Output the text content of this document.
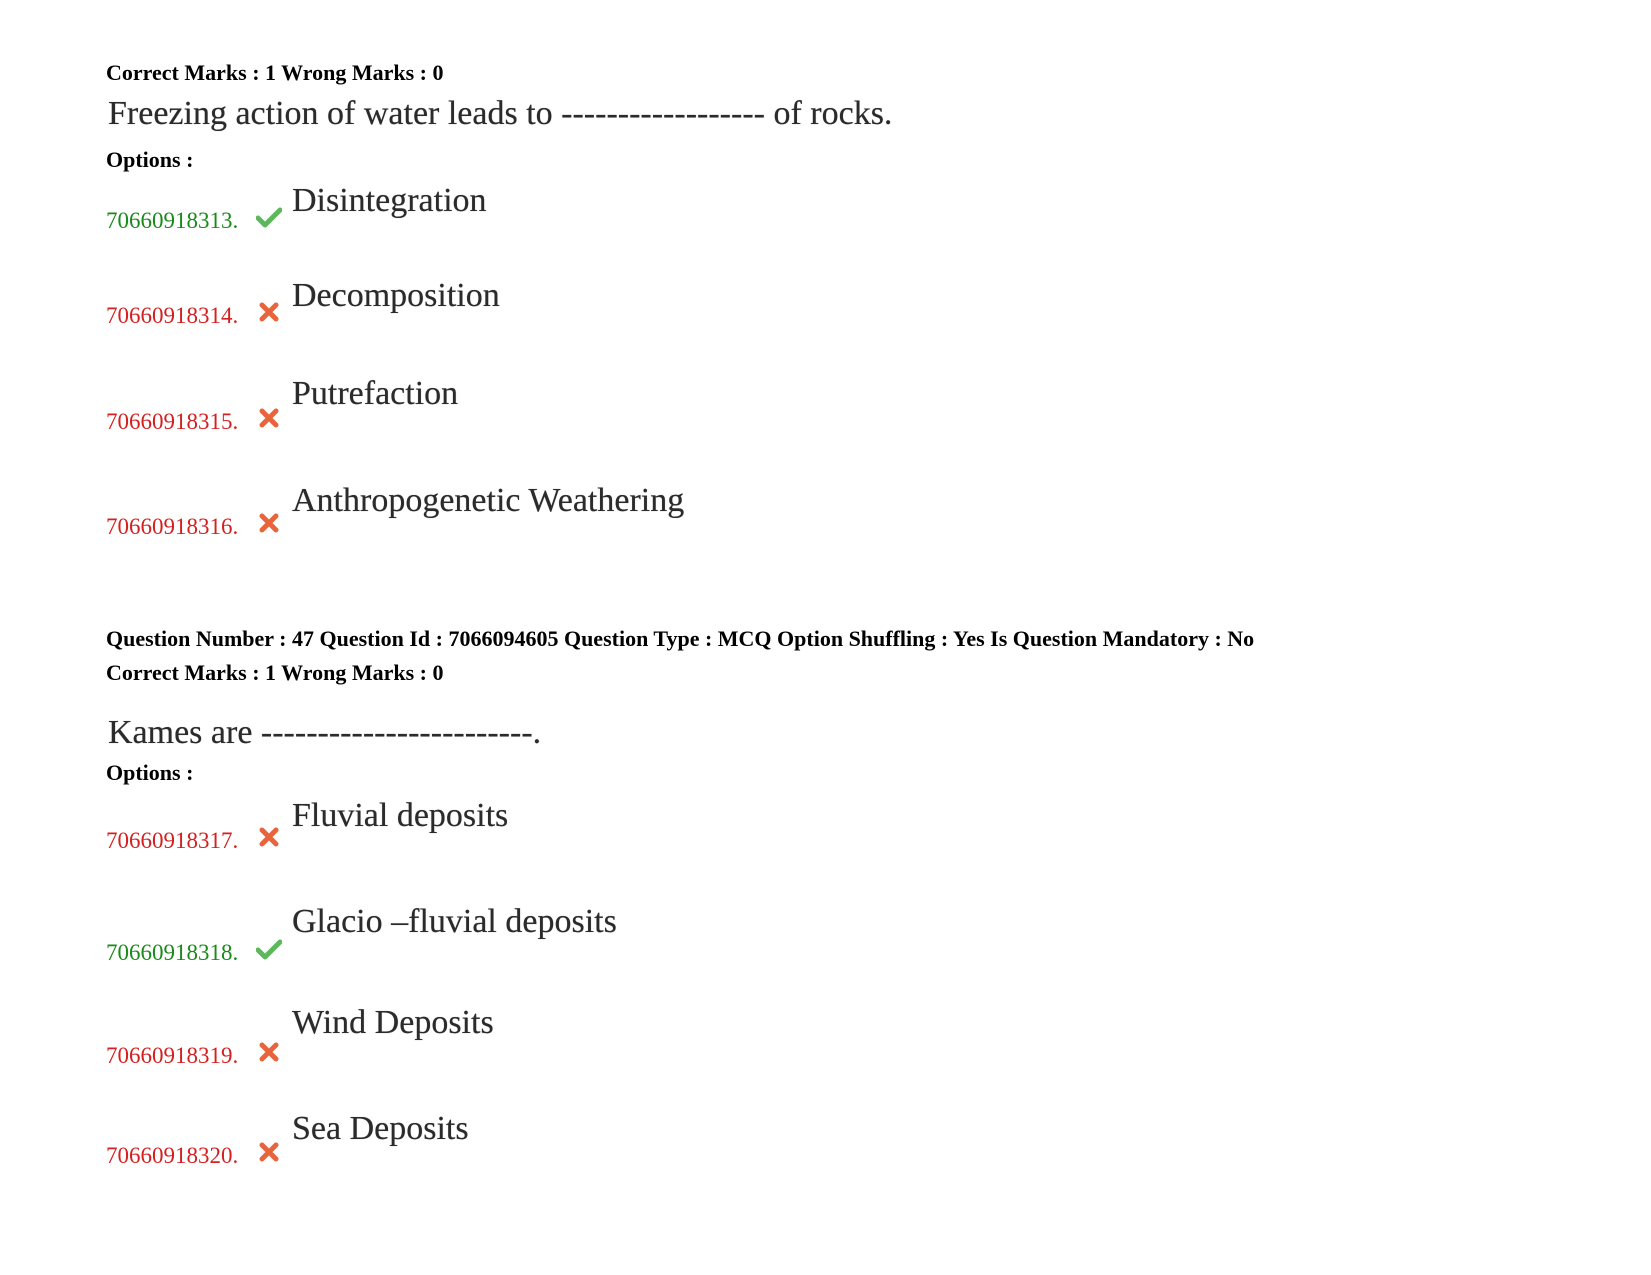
Correct Marks : 1 Wrong Marks : 0
Freezing action of water leads to ------------------ of rocks.
Options :
70660918313.
Disintegration
70660918314.
Decomposition
70660918315.
Putrefaction
70660918316.
Anthropogenetic Weathering
Question Number : 47 Question Id : 7066094605 Question Type : MCQ Option Shuffling : Yes Is Question Mandatory : No
Correct Marks : 1 Wrong Marks : 0
Kames are ------------------------.
Options :
70660918317.
Fluvial deposits
70660918318.
Glacio –fluvial deposits
70660918319.
Wind Deposits
70660918320.
Sea Deposits
